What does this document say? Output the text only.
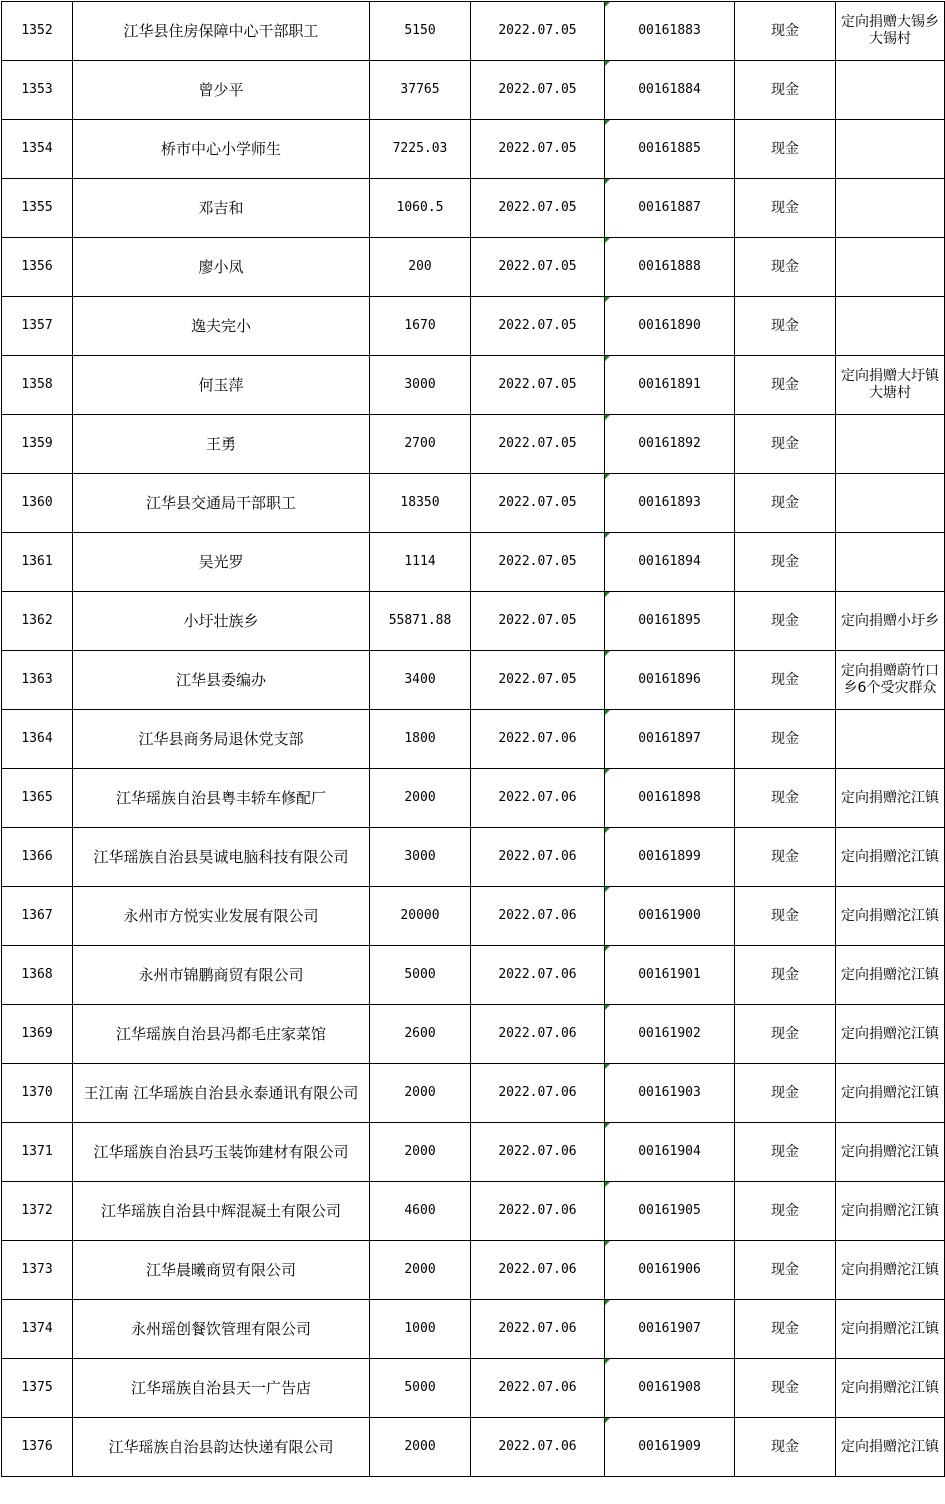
1352	江华县住房保障中心干部职工	5150	2022.07.05	00161883	现金	定向捐赠大锡乡大锡村
1353	曾少平	37765	2022.07.05	00161884	现金	
1354	桥市中心小学师生	7225.03	2022.07.05	00161885	现金	
1355	邓吉和	1060.5	2022.07.05	00161887	现金	
1356	廖小凤	200	2022.07.05	00161888	现金	
1357	逸夫完小	1670	2022.07.05	00161890	现金	
1358	何玉萍	3000	2022.07.05	00161891	现金	定向捐赠大圩镇大塘村
1359	王勇	2700	2022.07.05	00161892	现金	
1360	江华县交通局干部职工	18350	2022.07.05	00161893	现金	
1361	吴光罗	1114	2022.07.05	00161894	现金	
1362	小圩壮族乡	55871.88	2022.07.05	00161895	现金	定向捐赠小圩乡
1363	江华县委编办	3400	2022.07.05	00161896	现金	定向捐赠蔚竹口乡6个受灾群众
1364	江华县商务局退休党支部	1800	2022.07.06	00161897	现金	
1365	江华瑶族自治县粤丰轿车修配厂	2000	2022.07.06	00161898	现金	定向捐赠沱江镇
1366	江华瑶族自治县昊诚电脑科技有限公司	3000	2022.07.06	00161899	现金	定向捐赠沱江镇
1367	永州市方悦实业发展有限公司	20000	2022.07.06	00161900	现金	定向捐赠沱江镇
1368	永州市锦鹏商贸有限公司	5000	2022.07.06	00161901	现金	定向捐赠沱江镇
1369	江华瑶族自治县冯都毛庄家菜馆	2600	2022.07.06	00161902	现金	定向捐赠沱江镇
1370	王江南 江华瑶族自治县永泰通讯有限公司	2000	2022.07.06	00161903	现金	定向捐赠沱江镇
1371	江华瑶族自治县巧玉装饰建材有限公司	2000	2022.07.06	00161904	现金	定向捐赠沱江镇
1372	江华瑶族自治县中辉混凝土有限公司	4600	2022.07.06	00161905	现金	定向捐赠沱江镇
1373	江华晨曦商贸有限公司	2000	2022.07.06	00161906	现金	定向捐赠沱江镇
1374	永州瑶创餐饮管理有限公司	1000	2022.07.06	00161907	现金	定向捐赠沱江镇
1375	江华瑶族自治县天一广告店	5000	2022.07.06	00161908	现金	定向捐赠沱江镇
1376	江华瑶族自治县韵达快递有限公司	2000	2022.07.06	00161909	现金	定向捐赠沱江镇
